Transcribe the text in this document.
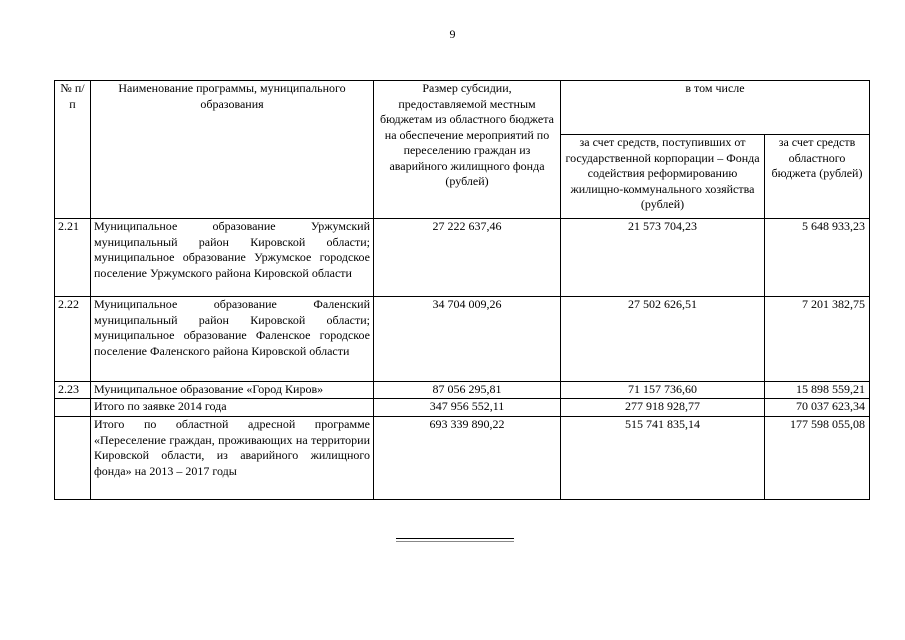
9
№ п/п	Наименование программы, муниципального образования	Размер субсидии, предоставляемой местным бюджетам из областного бюджета на обеспечение мероприятий по переселению граждан из аварийного жилищного фонда (рублей)	в том числе	
			за счет средств, поступивших от государственной корпорации – Фонда содействия реформированию жилищно-коммунального хозяйства (рублей)	за счет средств областного бюджета (рублей)
2.21	Муниципальное образование Уржумский муниципальный район Кировской области; муниципальное образование Уржумское городское поселение Уржумского района Кировской области	27 222 637,46	21 573 704,23	5 648 933,23
2.22	Муниципальное образование Фаленский муниципальный район Кировской области; муниципальное образование Фаленское городское поселение Фаленского района Кировской области	34 704 009,26	27 502 626,51	7 201 382,75
2.23	Муниципальное образование «Город Киров»	87 056 295,81	71 157 736,60	15 898 559,21
	Итого по заявке 2014 года	347 956 552,11	277 918 928,77	70 037 623,34
	Итого по областной адресной программе «Переселение граждан, проживающих на территории Кировской области, из аварийного жилищного фонда» на 2013 – 2017 годы	693 339 890,22	515 741 835,14	177 598 055,08
